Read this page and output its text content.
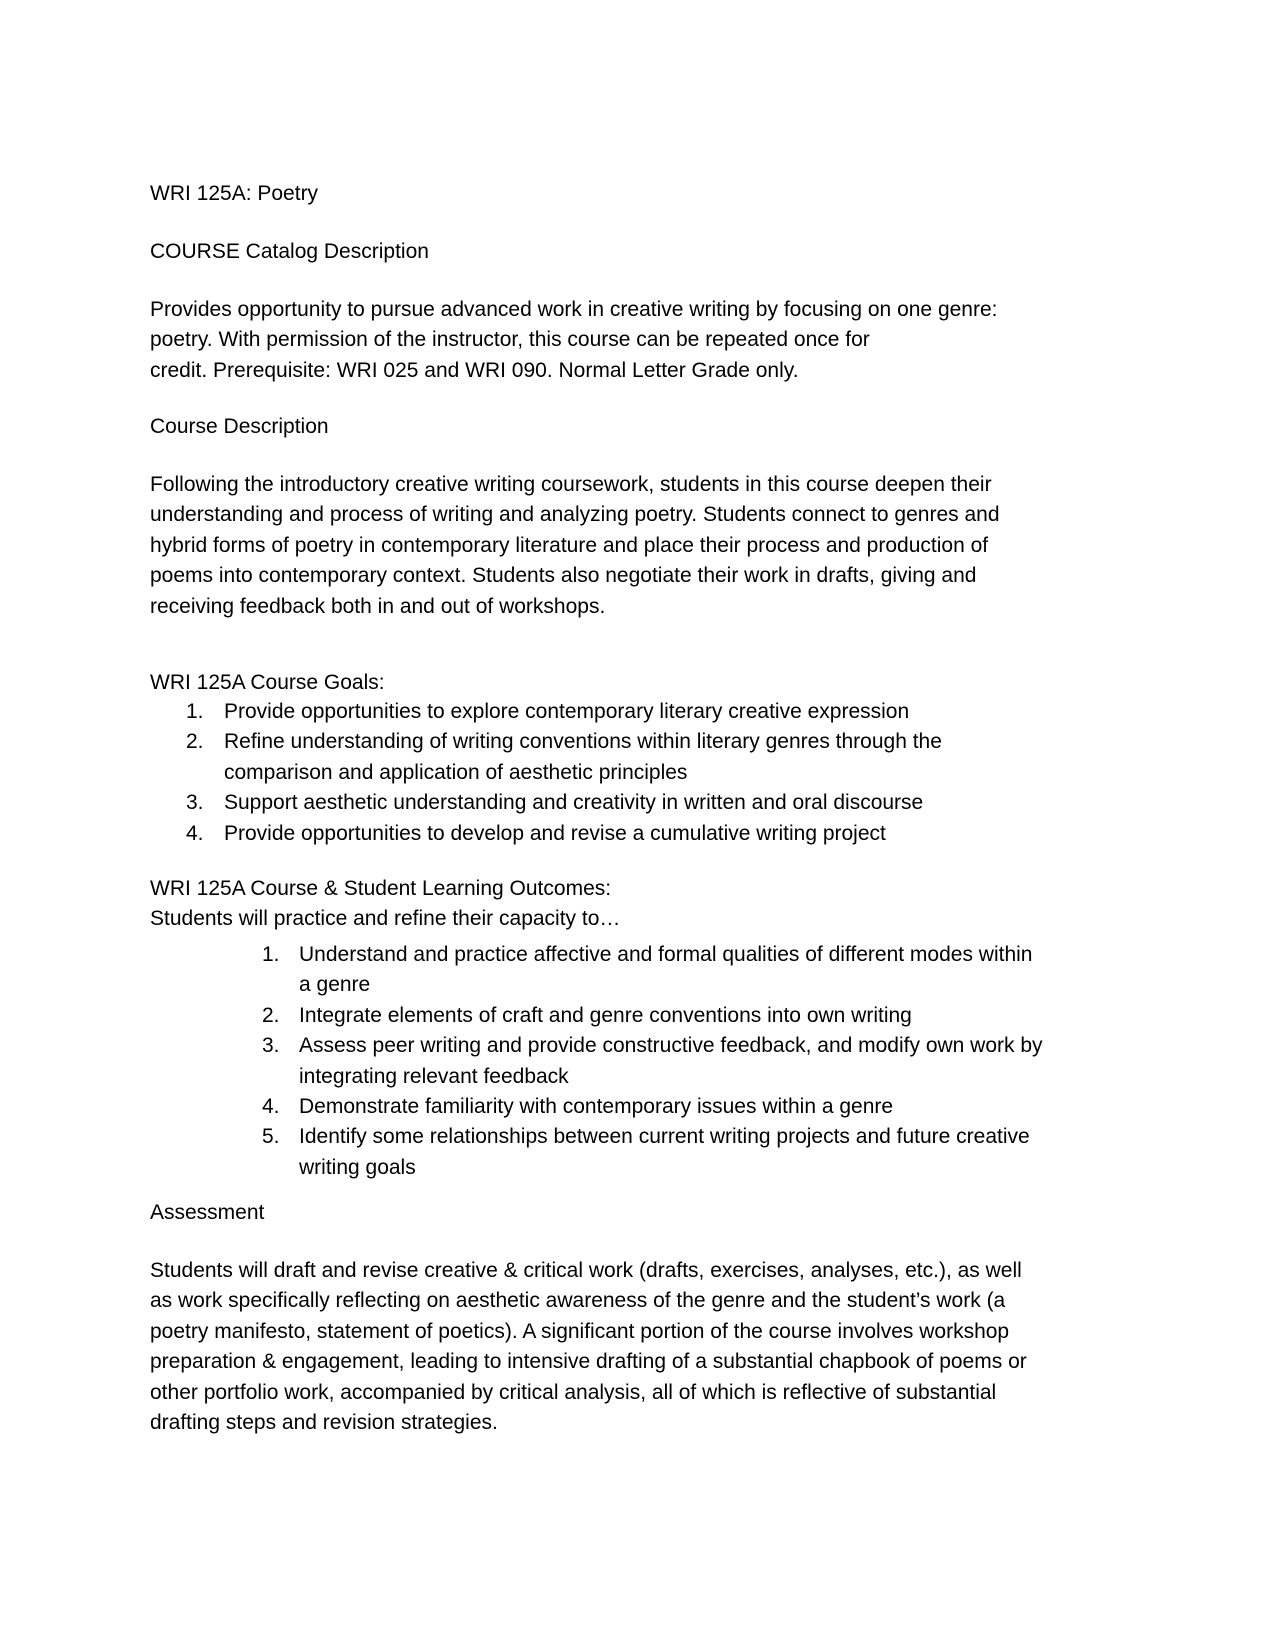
WRI 125A: Poetry
COURSE Catalog Description
Provides opportunity to pursue advanced work in creative writing by focusing on one genre:
poetry. With permission of the instructor, this course can be repeated once for
credit. Prerequisite: WRI 025 and WRI 090. Normal Letter Grade only.
Course Description
Following the introductory creative writing coursework, students in this course deepen their
understanding and process of writing and analyzing poetry. Students connect to genres and
hybrid forms of poetry in contemporary literature and place their process and production of
poems into contemporary context. Students also negotiate their work in drafts, giving and
receiving feedback both in and out of workshops.
WRI 125A Course Goals:
1. Provide opportunities to explore contemporary literary creative expression
2. Refine understanding of writing conventions within literary genres through the
comparison and application of aesthetic principles
3. Support aesthetic understanding and creativity in written and oral discourse
4. Provide opportunities to develop and revise a cumulative writing project
WRI 125A Course & Student Learning Outcomes:
Students will practice and refine their capacity to…
1. Understand and practice affective and formal qualities of different modes within
a genre
2. Integrate elements of craft and genre conventions into own writing
3. Assess peer writing and provide constructive feedback, and modify own work by
integrating relevant feedback
4. Demonstrate familiarity with contemporary issues within a genre
5. Identify some relationships between current writing projects and future creative
writing goals
Assessment
Students will draft and revise creative & critical work (drafts, exercises, analyses, etc.), as well
as work specifically reflecting on aesthetic awareness of the genre and the student’s work (a
poetry manifesto, statement of poetics). A significant portion of the course involves workshop
preparation & engagement, leading to intensive drafting of a substantial chapbook of poems or
other portfolio work, accompanied by critical analysis, all of which is reflective of substantial
drafting steps and revision strategies.
